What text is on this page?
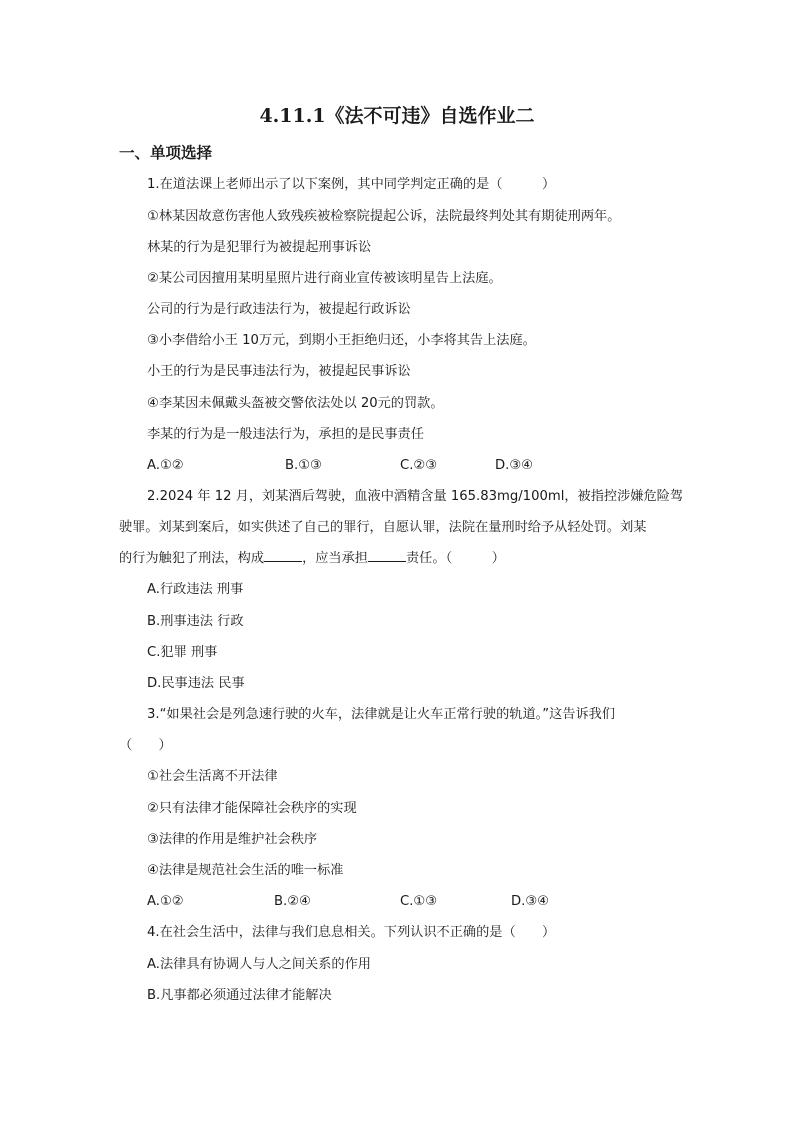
4.11.1《法不可违》自选作业二
一、单项选择
1.在道法课上老师出示了以下案例，其中同学判定正确的是（　　　）
①林某因故意伤害他人致残疾被检察院提起公诉，法院最终判处其有期徒刑两年。
林某的行为是犯罪行为被提起刑事诉讼
②某公司因擅用某明星照片进行商业宣传被该明星告上法庭。
公司的行为是行政违法行为，被提起行政诉讼
③小李借给小王 10万元，到期小王拒绝归还，小李将其告上法庭。
小王的行为是民事违法行为，被提起民事诉讼
④李某因未佩戴头盔被交警依法处以 20元的罚款。
李某的行为是一般违法行为，承担的是民事责任
A.①②	B.①③	C.②③	D.③④
2.2024 年 12 月，刘某酒后驾驶，血液中酒精含量 165.83mg/100ml，被指控涉嫌危险驾
驶罪。刘某到案后，如实供述了自己的罪行，自愿认罪，法院在量刑时给予从轻处罚。刘某
的行为触犯了刑法，构成	，应当承担	责任。（　　　）
A.行政违法 刑事
B.刑事违法 行政
C.犯罪 刑事
D.民事违法 民事
3.“如果社会是列急速行驶的火车，法律就是让火车正常行驶的轨道。”这告诉我们
（　　）
①社会生活离不开法律
②只有法律才能保障社会秩序的实现
③法律的作用是维护社会秩序
④法律是规范社会生活的唯一标准
A.①②	B.②④	C.①③	D.③④
4.在社会生活中，法律与我们息息相关。下列认识不正确的是（　　）
A.法律具有协调人与人之间关系的作用
B.凡事都必须通过法律才能解决
